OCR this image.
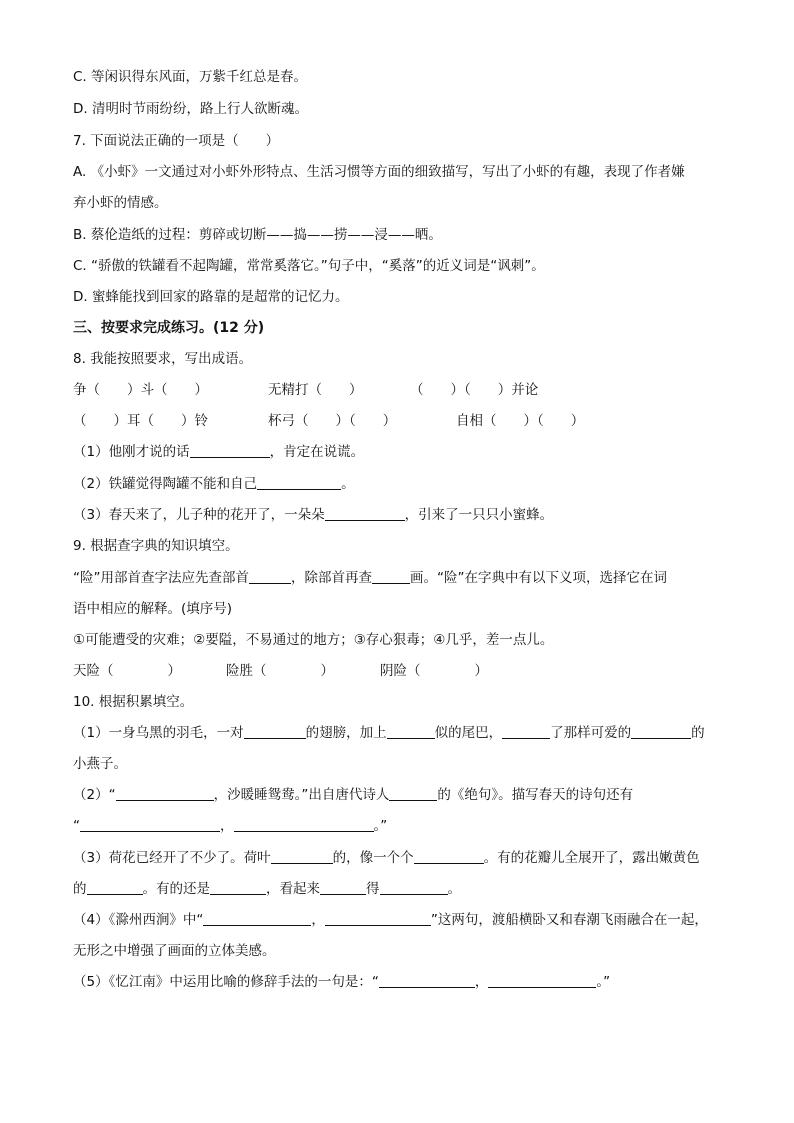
C. 等闲识得东风面，万紫千红总是春。
D. 清明时节雨纷纷，路上行人欲断魂。
7. 下面说法正确的一项是（　　）
A. 《小虾》一文通过对小虾外形特点、生活习惯等方面的细致描写，写出了小虾的有趣，表现了作者嫌
弃小虾的情感。
B. 蔡伦造纸的过程：剪碎或切断——捣——捞——浸——晒。
C. “骄傲的铁罐看不起陶罐，常常奚落它。”句子中，“奚落”的近义词是“讽刺”。
D. 蜜蜂能找到回家的路靠的是超常的记忆力。
三、按要求完成练习。(12 分)
8. 我能按照要求，写出成语。
争（　　）斗（　　）	无精打（　　）	（　　）（　　）并论
（　　）耳（　　）铃	杯弓（　　）（　　）	自相（　　）（　　）
（1）他刚才说的话	，肯定在说谎。
（2）铁罐觉得陶罐不能和自己	。
（3）春天来了，儿子种的花开了，一朵朵	，引来了一只只小蜜蜂。
9. 根据查字典的知识填空。
“险”用部首查字法应先查部首	，除部首再查	画。“险”在字典中有以下义项，选择它在词
语中相应的解释。(填序号)
①可能遭受的灾难；②要隘，不易通过的地方；③存心狠毒；④几乎，差一点儿。
天险（　　　　）	险胜（　　　　）	阴险（　　　　）
10. 根据积累填空。
（1）一身乌黑的羽毛，一对	的翅膀，加上	似的尾巴，	了那样可爱的	的
小燕子。
（2）“	，沙暖睡鸳鸯。”出自唐代诗人	的《绝句》。描写春天的诗句还有
“	，	。”
（3）荷花已经开了不少了。荷叶	的，像一个个	。有的花瓣儿全展开了，露出嫩黄色
的	。有的还是	，看起来	得	。
（4）《滁州西涧》中“	，	”这两句，渡船横卧又和春潮飞雨融合在一起，
无形之中增强了画面的立体美感。
（5）《忆江南》中运用比喻的修辞手法的一句是：“	，	。”
